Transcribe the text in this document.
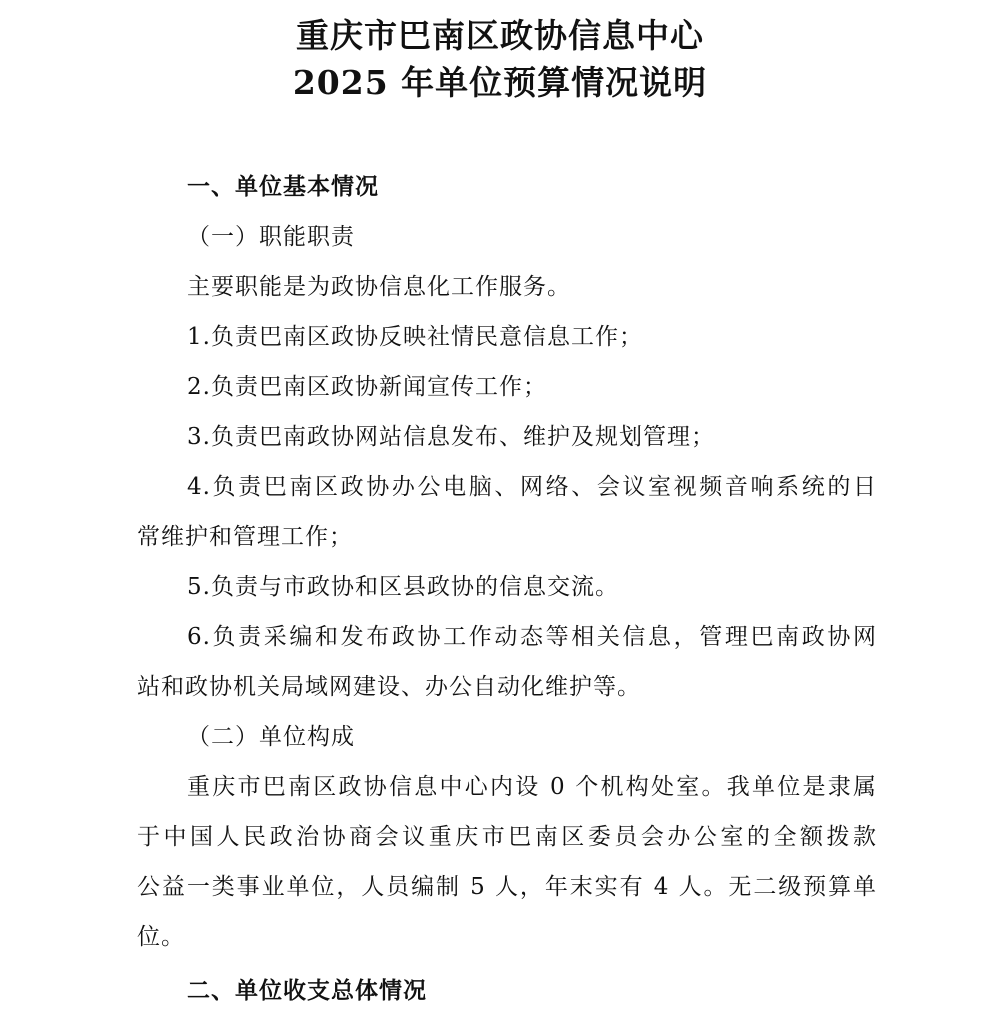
重庆市巴南区政协信息中心
2025 年单位预算情况说明
一、单位基本情况
（一）职能职责
主要职能是为政协信息化工作服务。
1.负责巴南区政协反映社情民意信息工作；
2.负责巴南区政协新闻宣传工作；
3.负责巴南政协网站信息发布、维护及规划管理；
4.负责巴南区政协办公电脑、网络、会议室视频音响系统的日
常维护和管理工作；
5.负责与市政协和区县政协的信息交流。
6.负责采编和发布政协工作动态等相关信息，管理巴南政协网
站和政协机关局域网建设、办公自动化维护等。
（二）单位构成
重庆市巴南区政协信息中心内设 0 个机构处室。我单位是隶属
于中国人民政治协商会议重庆市巴南区委员会办公室的全额拨款
公益一类事业单位，人员编制 5 人，年末实有 4 人。无二级预算单
位。
二、单位收支总体情况
